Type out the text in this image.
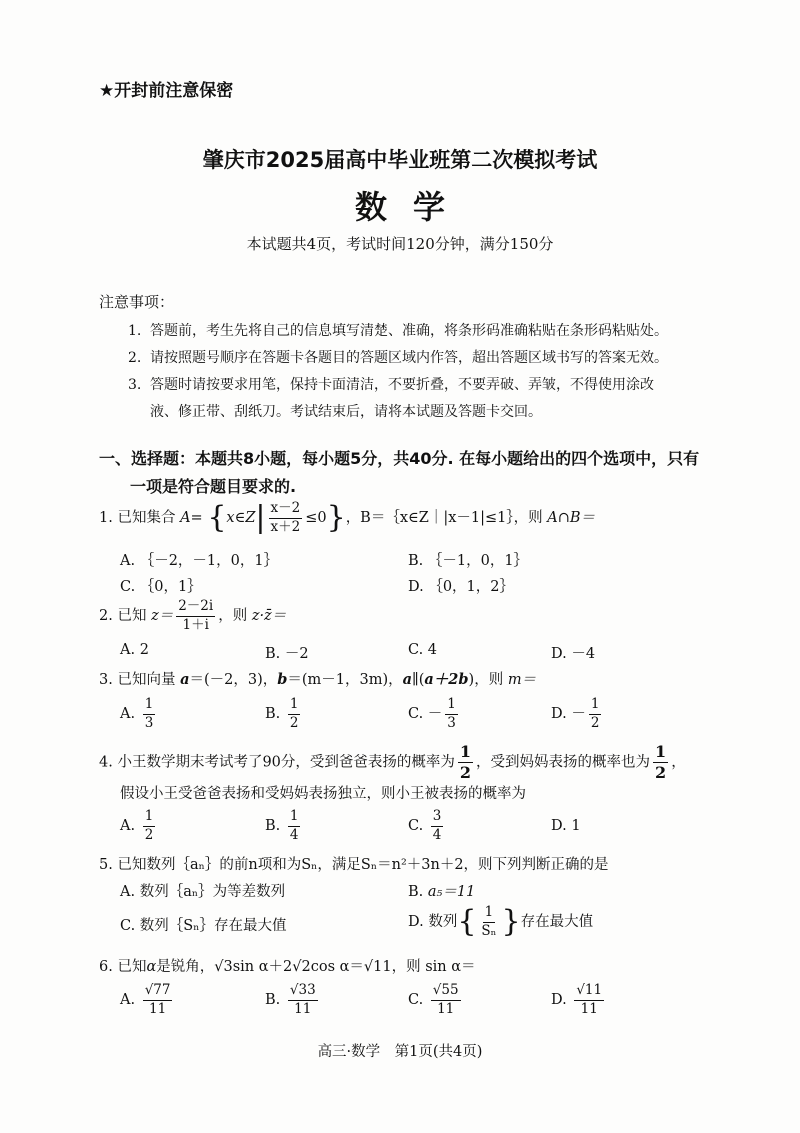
★开封前注意保密
肇庆市2025届高中毕业班第二次模拟考试
数学
本试题共4页，考试时间120分钟，满分150分
注意事项：
1. 答题前，考生先将自己的信息填写清楚、准确，将条形码准确粘贴在条形码粘贴处。
2. 请按照题号顺序在答题卡各题目的答题区域内作答，超出答题区域书写的答案无效。
3. 答题时请按要求用笔，保持卡面清洁，不要折叠，不要弄破、弄皱，不得使用涂改
液、修正带、刮纸刀。考试结束后，请将本试题及答题卡交回。
一、选择题：本题共8小题，每小题5分，共40分. 在每小题给出的四个选项中，只有
一项是符合题目要求的.
1. 已知集合 A= {x∈Z| $\frac{x-2}{x+2} \le 0$}，B＝｛x∈Z｜|x－1|≤1｝，则 A∩B＝
A. ｛－2，－1，0，1｝	B. ｛－1，0，1｝
C. ｛0，1｝	D. ｛0，1，2｝
2. 已知 $z= \frac{2-2i}{1+i}$ ，则 z·z̄＝
A. 2	B. －2	C. 4	D. －4
3. 已知向量 a＝(－2，3)，b＝(m－1，3m)，a∥(a＋2b)，则 m＝
A. $\frac{1}{3}$	B. $\frac{1}{2}$	C. － $\frac{1}{3}$	D. － $\frac{1}{2}$
4. 小王数学期末考试考了90分，受到爸爸表扬的概率为 $\frac{1}{2}$ ，受到妈妈表扬的概率也为 $\frac{1}{2}$ ，
假设小王受爸爸表扬和受妈妈表扬独立，则小王被表扬的概率为
A. $\frac{1}{2}$	B. $\frac{1}{4}$	C. $\frac{3}{4}$	D. 1
5. 已知数列｛aₙ｝的前n项和为Sₙ，满足Sₙ＝n²＋3n＋2，则下列判断正确的是
A. 数列｛aₙ｝为等差数列	B. a₅＝11
C. 数列｛Sₙ｝存在最大值	D. 数列{ $\frac{1}{\text{Sₙ}}$ }存在最大值
6. 已知α是锐角，√3sin α＋2√2cos α＝√11，则 sin α＝
A. $\frac{√77}{11}$	B. $\frac{√33}{11}$	C. $\frac{√55}{11}$	D. $\frac{√11}{11}$
高三·数学　第1页(共4页)
